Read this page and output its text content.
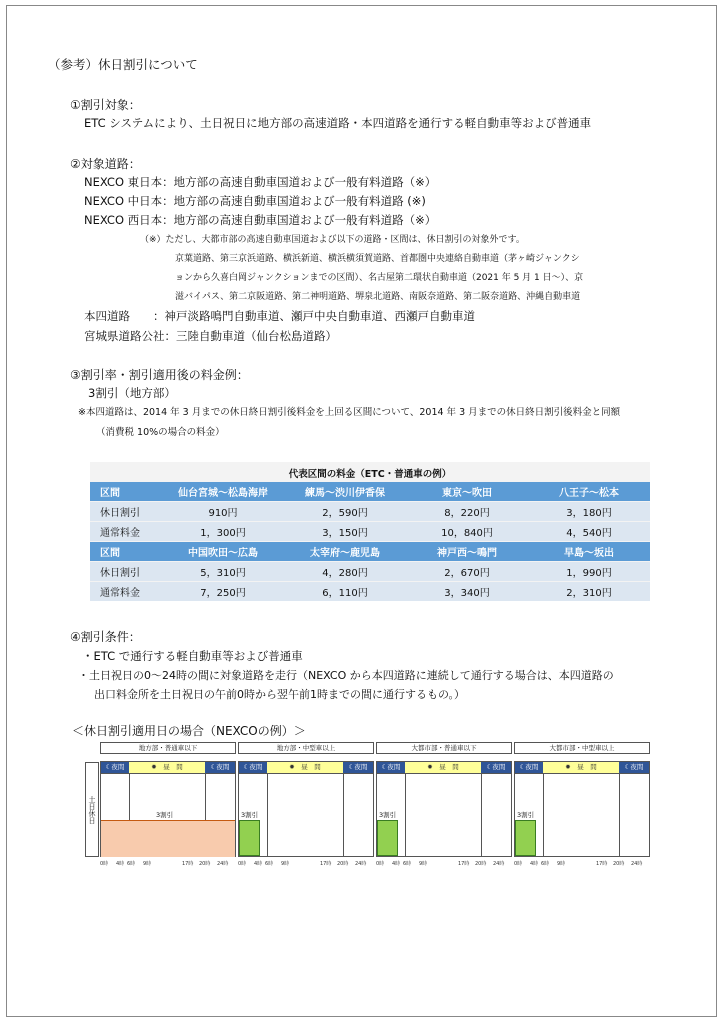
（参考）休日割引について
①割引対象：
ETC システムにより、土日祝日に地方部の高速道路・本四道路を通行する軽自動車等および普通車
②対象道路：
NEXCO 東日本：地方部の高速自動車国道および一般有料道路（※）
NEXCO 中日本：地方部の高速自動車国道および一般有料道路 (※)
NEXCO 西日本：地方部の高速自動車国道および一般有料道路（※）
（※）ただし、大都市部の高速自動車国道および以下の道路・区間は、休日割引の対象外です。
京葉道路、第三京浜道路、横浜新道、横浜横須賀道路、首都圏中央連絡自動車道（茅ヶ崎ジャンクシ
ョンから久喜白岡ジャンクションまでの区間）、名古屋第二環状自動車道（2021 年 5 月 1 日～）、京
滋バイパス、第二京阪道路、第二神明道路、堺泉北道路、南阪奈道路、第二阪奈道路、沖縄自動車道
本四道路　　：神戸淡路鳴門自動車道、瀬戸中央自動車道、西瀬戸自動車道
宮城県道路公社：三陸自動車道（仙台松島道路）
③割引率・割引適用後の料金例：
3割引（地方部）
※本四道路は、2014 年 3 月までの休日終日割引後料金を上回る区間について、2014 年 3 月までの休日終日割引後料金と同額
（消費税 10%の場合の料金）
代表区間の料金（ETC・普通車の例）
区間	仙台宮城～松島海岸	練馬～渋川伊香保	東京～吹田	八王子～松本
休日割引	910円	2，590円	8，220円	3，180円
通常料金	1，300円	3，150円	10，840円	4，540円
区間	中国吹田～広島	太宰府～鹿児島	神戸西～鳴門	早島～坂出
休日割引	5，310円	4，280円	2，670円	1，990円
通常料金	7，250円	6，110円	3，340円	2，310円
④割引条件：
・ETC で通行する軽自動車等および普通車
・土日祝日の0～24時の間に対象道路を走行（NEXCO から本四道路に連続して通行する場合は、本四道路の
出口料金所を土日祝日の午前0時から翌午前1時までの間に通行するもの。）
＜休日割引適用日の場合（NEXCOの例）＞
土日休日
地方部・普通車以下
☾夜間	✹　 昼　間	☾夜間
3割引
0時 4時 6時 9時	17時 20時 24時
地方部・中型車以上
☾夜間	✹　 昼　間	☾夜間
3割引
0時 4時 6時 9時	17時 20時 24時
大都市部・普通車以下
☾夜間	✹　 昼　間	☾夜間
3割引
0時 4時 6時 9時	17時 20時 24時
大都市部・中型車以上
☾夜間	✹　 昼　間	☾夜間
3割引
0時 4時 6時 9時	17時 20時 24時
